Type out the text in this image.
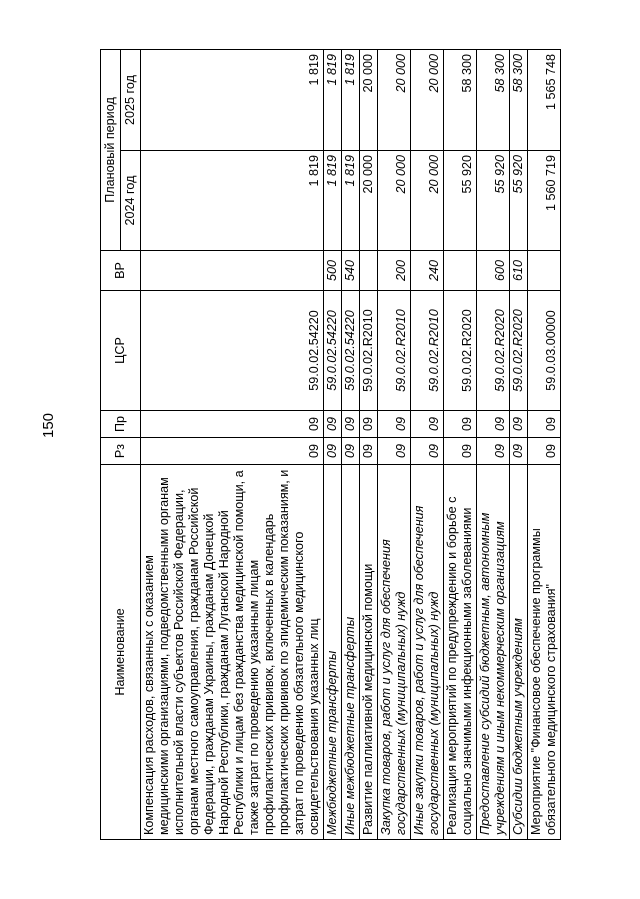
150
Наименование	Рз	Пр	ЦСР	ВР	Плановый период	
					2024 год	2025 год
Компенсация расходов, связанных с оказанием медицинскими организациями, подведомственными органам исполнительной власти субъектов Российской Федерации, органам местного самоуправления, гражданам Российской Федерации, гражданам Украины, гражданам Донецкой Народной Республики, гражданам Луганской Народной Республики и лицам без гражданства медицинской помощи, а также затрат по проведению указанным лицам профилактических прививок, включенных в календарь профилактических прививок по эпидемическим показаниям, и затрат по проведению обязательного медицинского освидетельствования указанных лиц	09	09	59.0.02.54220		1 819	1 819
Межбюджетные трансферты	09	09	59.0.02.54220	500	1 819	1 819
Иные межбюджетные трансферты	09	09	59.0.02.54220	540	1 819	1 819
Развитие паллиативной медицинской помощи	09	09	59.0.02.R2010		20 000	20 000
Закупка товаров, работ и услуг для обеспечения государственных (муниципальных) нужд	09	09	59.0.02.R2010	200	20 000	20 000
Иные закупки товаров, работ и услуг для обеспечения государственных (муниципальных) нужд	09	09	59.0.02.R2010	240	20 000	20 000
Реализация мероприятий по предупреждению и борьбе с социально значимыми инфекционными заболеваниями	09	09	59.0.02.R2020		55 920	58 300
Предоставление субсидий бюджетным, автономным учреждениям и иным некоммерческим организациям	09	09	59.0.02.R2020	600	55 920	58 300
Субсидии бюджетным учреждениям	09	09	59.0.02.R2020	610	55 920	58 300
Мероприятие "Финансовое обеспечение программы обязательного медицинского страхования"	09	09	59.0.03.00000		1 560 719	1 565 748
